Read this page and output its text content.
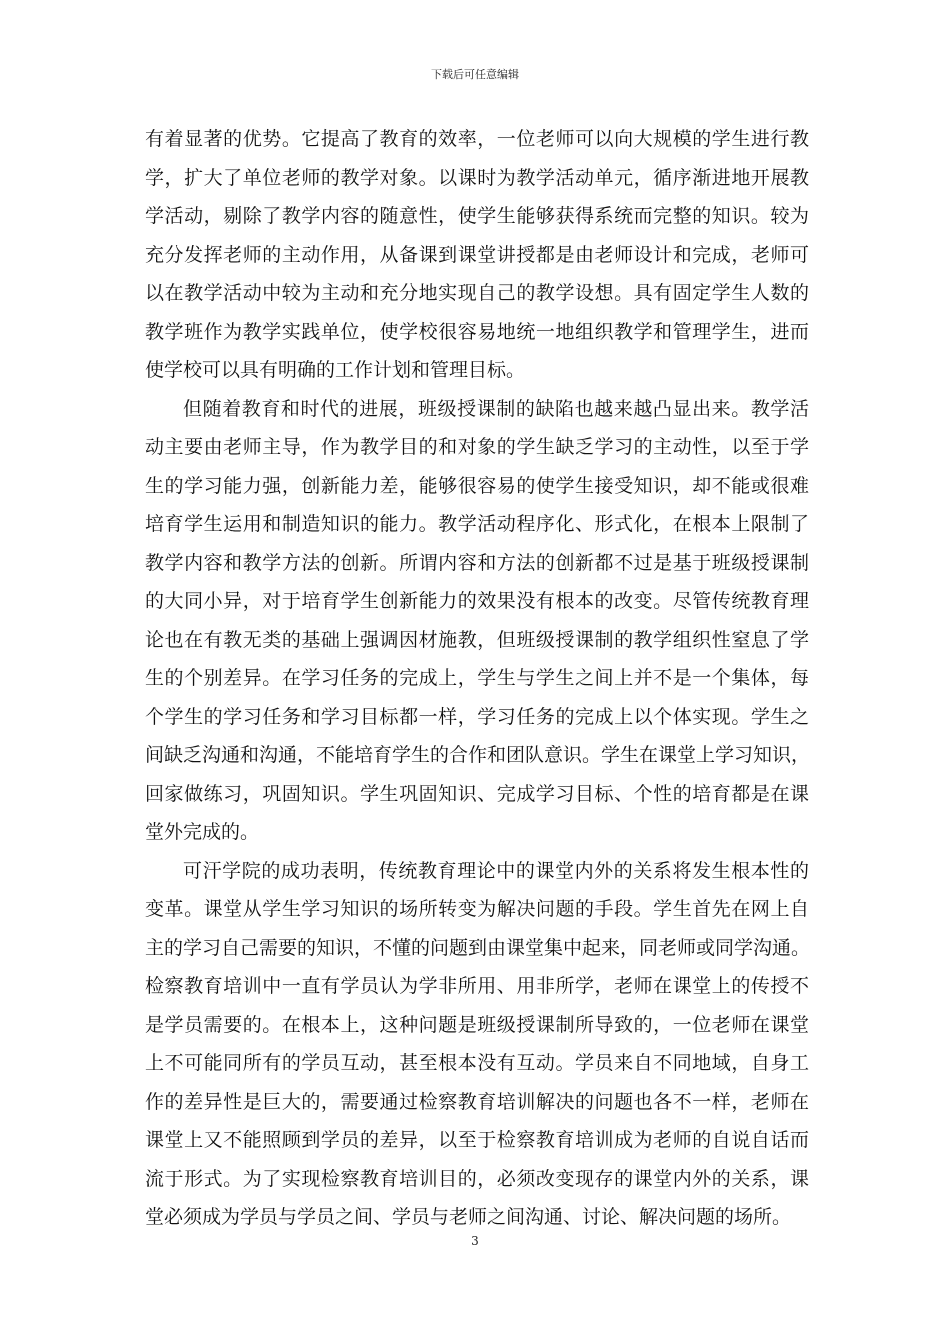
下载后可任意编辑

有着显著的优势。它提高了教育的效率，一位老师可以向大规模的学生进行教
学，扩大了单位老师的教学对象。以课时为教学活动单元，循序渐进地开展教
学活动，剔除了教学内容的随意性，使学生能够获得系统而完整的知识。较为
充分发挥老师的主动作用，从备课到课堂讲授都是由老师设计和完成，老师可
以在教学活动中较为主动和充分地实现自己的教学设想。具有固定学生人数的
教学班作为教学实践单位，使学校很容易地统一地组织教学和管理学生，进而
使学校可以具有明确的工作计划和管理目标。

但随着教育和时代的进展，班级授课制的缺陷也越来越凸显出来。教学活
动主要由老师主导，作为教学目的和对象的学生缺乏学习的主动性，以至于学
生的学习能力强，创新能力差，能够很容易的使学生接受知识，却不能或很难
培育学生运用和制造知识的能力。教学活动程序化、形式化，在根本上限制了
教学内容和教学方法的创新。所谓内容和方法的创新都不过是基于班级授课制
的大同小异，对于培育学生创新能力的效果没有根本的改变。尽管传统教育理
论也在有教无类的基础上强调因材施教，但班级授课制的教学组织性窒息了学
生的个别差异。在学习任务的完成上，学生与学生之间上并不是一个集体，每
个学生的学习任务和学习目标都一样，学习任务的完成上以个体实现。学生之
间缺乏沟通和沟通，不能培育学生的合作和团队意识。学生在课堂上学习知识，
回家做练习，巩固知识。学生巩固知识、完成学习目标、个性的培育都是在课
堂外完成的。

可汗学院的成功表明，传统教育理论中的课堂内外的关系将发生根本性的
变革。课堂从学生学习知识的场所转变为解决问题的手段。学生首先在网上自
主的学习自己需要的知识，不懂的问题到由课堂集中起来，同老师或同学沟通。
检察教育培训中一直有学员认为学非所用、用非所学，老师在课堂上的传授不
是学员需要的。在根本上，这种问题是班级授课制所导致的，一位老师在课堂
上不可能同所有的学员互动，甚至根本没有互动。学员来自不同地域，自身工
作的差异性是巨大的，需要通过检察教育培训解决的问题也各不一样，老师在
课堂上又不能照顾到学员的差异，以至于检察教育培训成为老师的自说自话而
流于形式。为了实现检察教育培训目的，必须改变现存的课堂内外的关系，课
堂必须成为学员与学员之间、学员与老师之间沟通、讨论、解决问题的场所。

3
